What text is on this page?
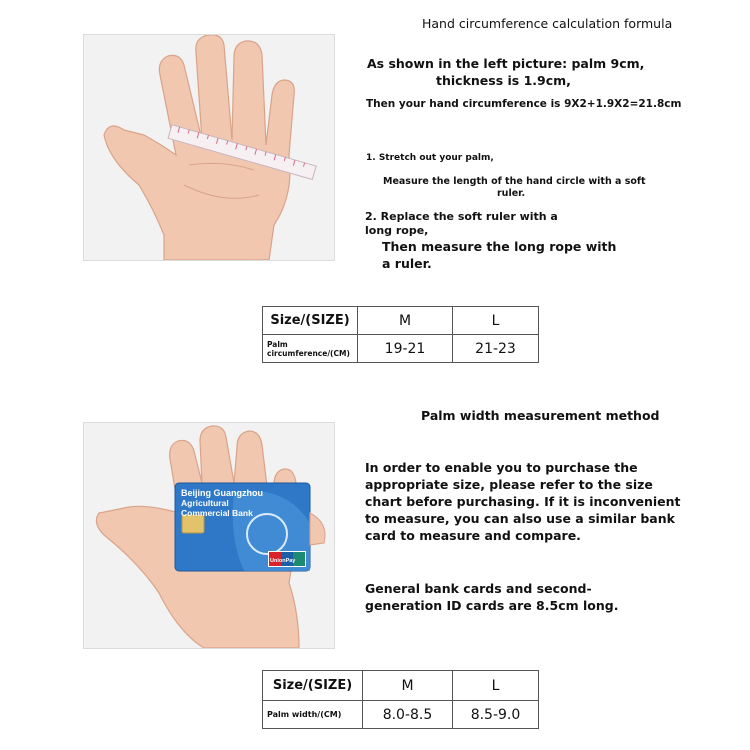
Hand circumference calculation formula
As shown in the left picture: palm 9cm,
thickness is 1.9cm,
Then your hand circumference is 9X2+1.9X2=21.8cm
1. Stretch out your palm,
Measure the length of the hand circle with a soft
ruler.
2. Replace the soft ruler with a
long rope,
Then measure the long rope with
a ruler.
Size/(SIZE)	M	L

Palm
circumference/(CM)	19-21	21-23
Palm width measurement method
Beijing Guangzhou
Agricultural
Commercial Bank
UnionPay
In order to enable you to purchase the
appropriate size, please refer to the size
chart before purchasing. If it is inconvenient
to measure, you can also use a similar bank
card to measure and compare.
General bank cards and second-
generation ID cards are 8.5cm long.
Size/(SIZE)	M	L
Palm width/(CM)	8.0-8.5	8.5-9.0
